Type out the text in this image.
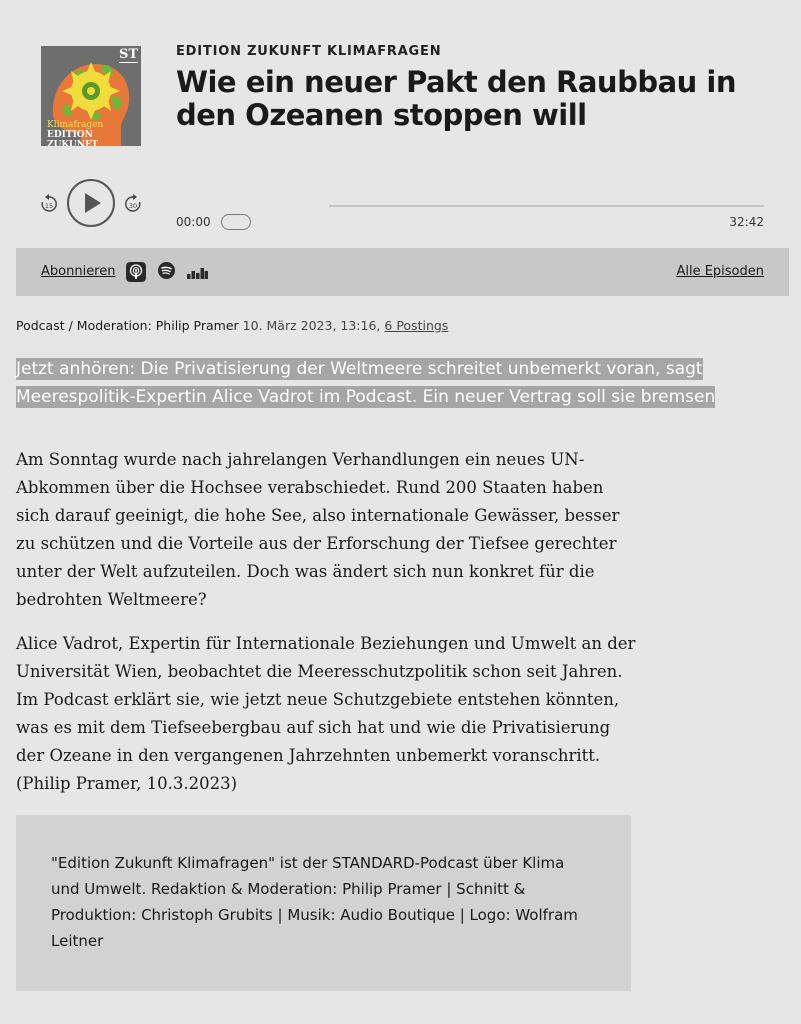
ST
Klimafragen
EDITION ZUKUNFT
EDITION ZUKUNFT KLIMAFRAGEN
Wie ein neuer Pakt den Raubbau in den Ozeanen stoppen will
15	30
00:00	32:42
Abonnieren	Alle Episoden
Podcast / Moderation: Philip Pramer 10. März 2023, 13:16, 6 Postings

Jetzt anhören: Die Privatisierung der Weltmeere schreitet unbemerkt voran, sagt Meerespolitik-Expertin Alice Vadrot im Podcast. Ein neuer Vertrag soll sie bremsen

Am Sonntag wurde nach jahrelangen Verhandlungen ein neues UN-Abkommen über die Hochsee verabschiedet. Rund 200 Staaten haben sich darauf geeinigt, die hohe See, also internationale Gewässer, besser zu schützen und die Vorteile aus der Erforschung der Tiefsee gerechter unter der Welt aufzuteilen. Doch was ändert sich nun konkret für die bedrohten Weltmeere?

Alice Vadrot, Expertin für Internationale Beziehungen und Umwelt an der Universität Wien, beobachtet die Meeresschutzpolitik schon seit Jahren. Im Podcast erklärt sie, wie jetzt neue Schutzgebiete entstehen könnten, was es mit dem Tiefseebergbau auf sich hat und wie die Privatisierung der Ozeane in den vergangenen Jahrzehnten unbemerkt voranschritt. (Philip Pramer, 10.3.2023)

"Edition Zukunft Klimafragen" ist der STANDARD-Podcast über Klima und Umwelt. Redaktion & Moderation: Philip Pramer | Schnitt & Produktion: Christoph Grubits | Musik: Audio Boutique | Logo: Wolfram Leitner
